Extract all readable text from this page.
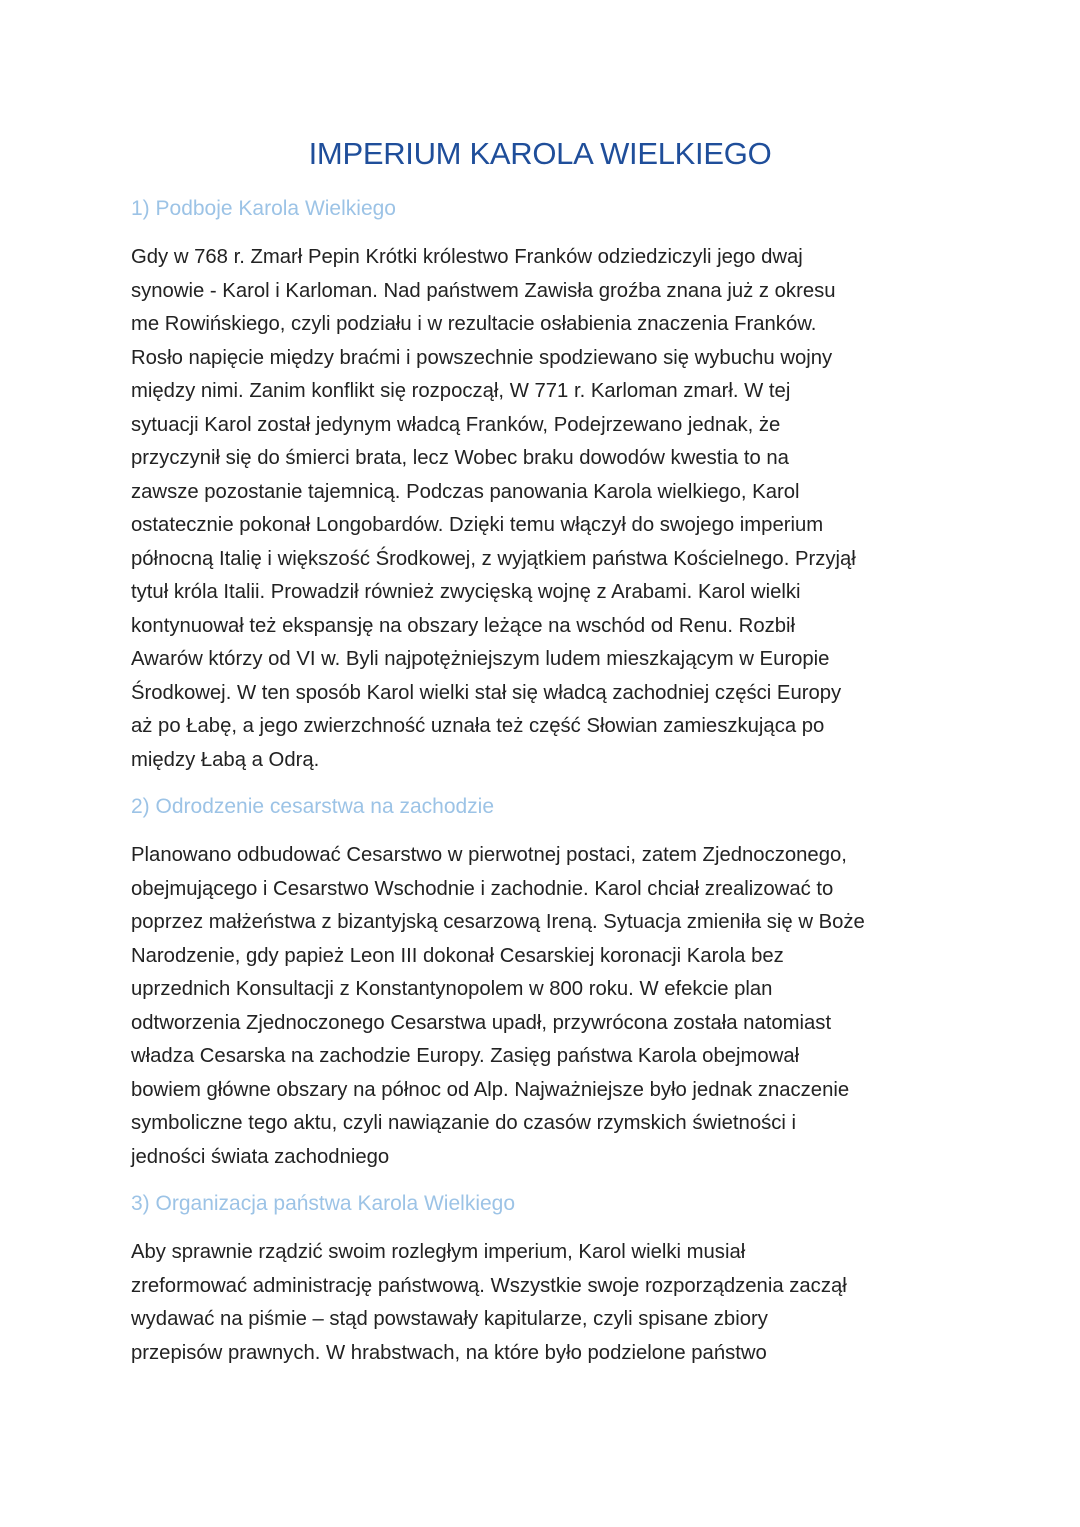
IMPERIUM KAROLA WIELKIEGO
1) Podboje Karola Wielkiego
Gdy w 768 r. Zmarł Pepin Krótki królestwo Franków odziedziczyli jego dwaj
synowie - Karol i Karloman. Nad państwem Zawisła groźba znana już z okresu
me Rowińskiego, czyli podziału i w rezultacie osłabienia znaczenia Franków.
Rosło napięcie między braćmi i powszechnie spodziewano się wybuchu wojny
między nimi. Zanim konflikt się rozpoczął, W 771 r. Karloman zmarł. W tej
sytuacji Karol został jedynym władcą Franków, Podejrzewano jednak, że
przyczynił się do śmierci brata, lecz Wobec braku dowodów kwestia to na
zawsze pozostanie tajemnicą. Podczas panowania Karola wielkiego, Karol
ostatecznie pokonał Longobardów. Dzięki temu włączył do swojego imperium
północną Italię i większość Środkowej, z wyjątkiem państwa Kościelnego. Przyjął
tytuł króla Italii. Prowadził również zwycięską wojnę z Arabami. Karol wielki
kontynuował też ekspansję na obszary leżące na wschód od Renu. Rozbił
Awarów którzy od VI w. Byli najpotężniejszym ludem mieszkającym w Europie
Środkowej. W ten sposób Karol wielki stał się władcą zachodniej części Europy
aż po Łabę, a jego zwierzchność uznała też część Słowian zamieszkująca po
między Łabą a Odrą.
2) Odrodzenie cesarstwa na zachodzie
Planowano odbudować Cesarstwo w pierwotnej postaci, zatem Zjednoczonego,
obejmującego i Cesarstwo Wschodnie i zachodnie. Karol chciał zrealizować to
poprzez małżeństwa z bizantyjską cesarzową Ireną. Sytuacja zmieniła się w Boże
Narodzenie, gdy papież Leon III dokonał Cesarskiej koronacji Karola bez
uprzednich Konsultacji z Konstantynopolem w 800 roku. W efekcie plan
odtworzenia Zjednoczonego Cesarstwa upadł, przywrócona została natomiast
władza Cesarska na zachodzie Europy. Zasięg państwa Karola obejmował
bowiem główne obszary na północ od Alp. Najważniejsze było jednak znaczenie
symboliczne tego aktu, czyli nawiązanie do czasów rzymskich świetności i
jedności świata zachodniego
3) Organizacja państwa Karola Wielkiego
Aby sprawnie rządzić swoim rozległym imperium, Karol wielki musiał
zreformować administrację państwową. Wszystkie swoje rozporządzenia zaczął
wydawać na piśmie – stąd powstawały kapitularze, czyli spisane zbiory
przepisów prawnych. W hrabstwach, na które było podzielone państwo
